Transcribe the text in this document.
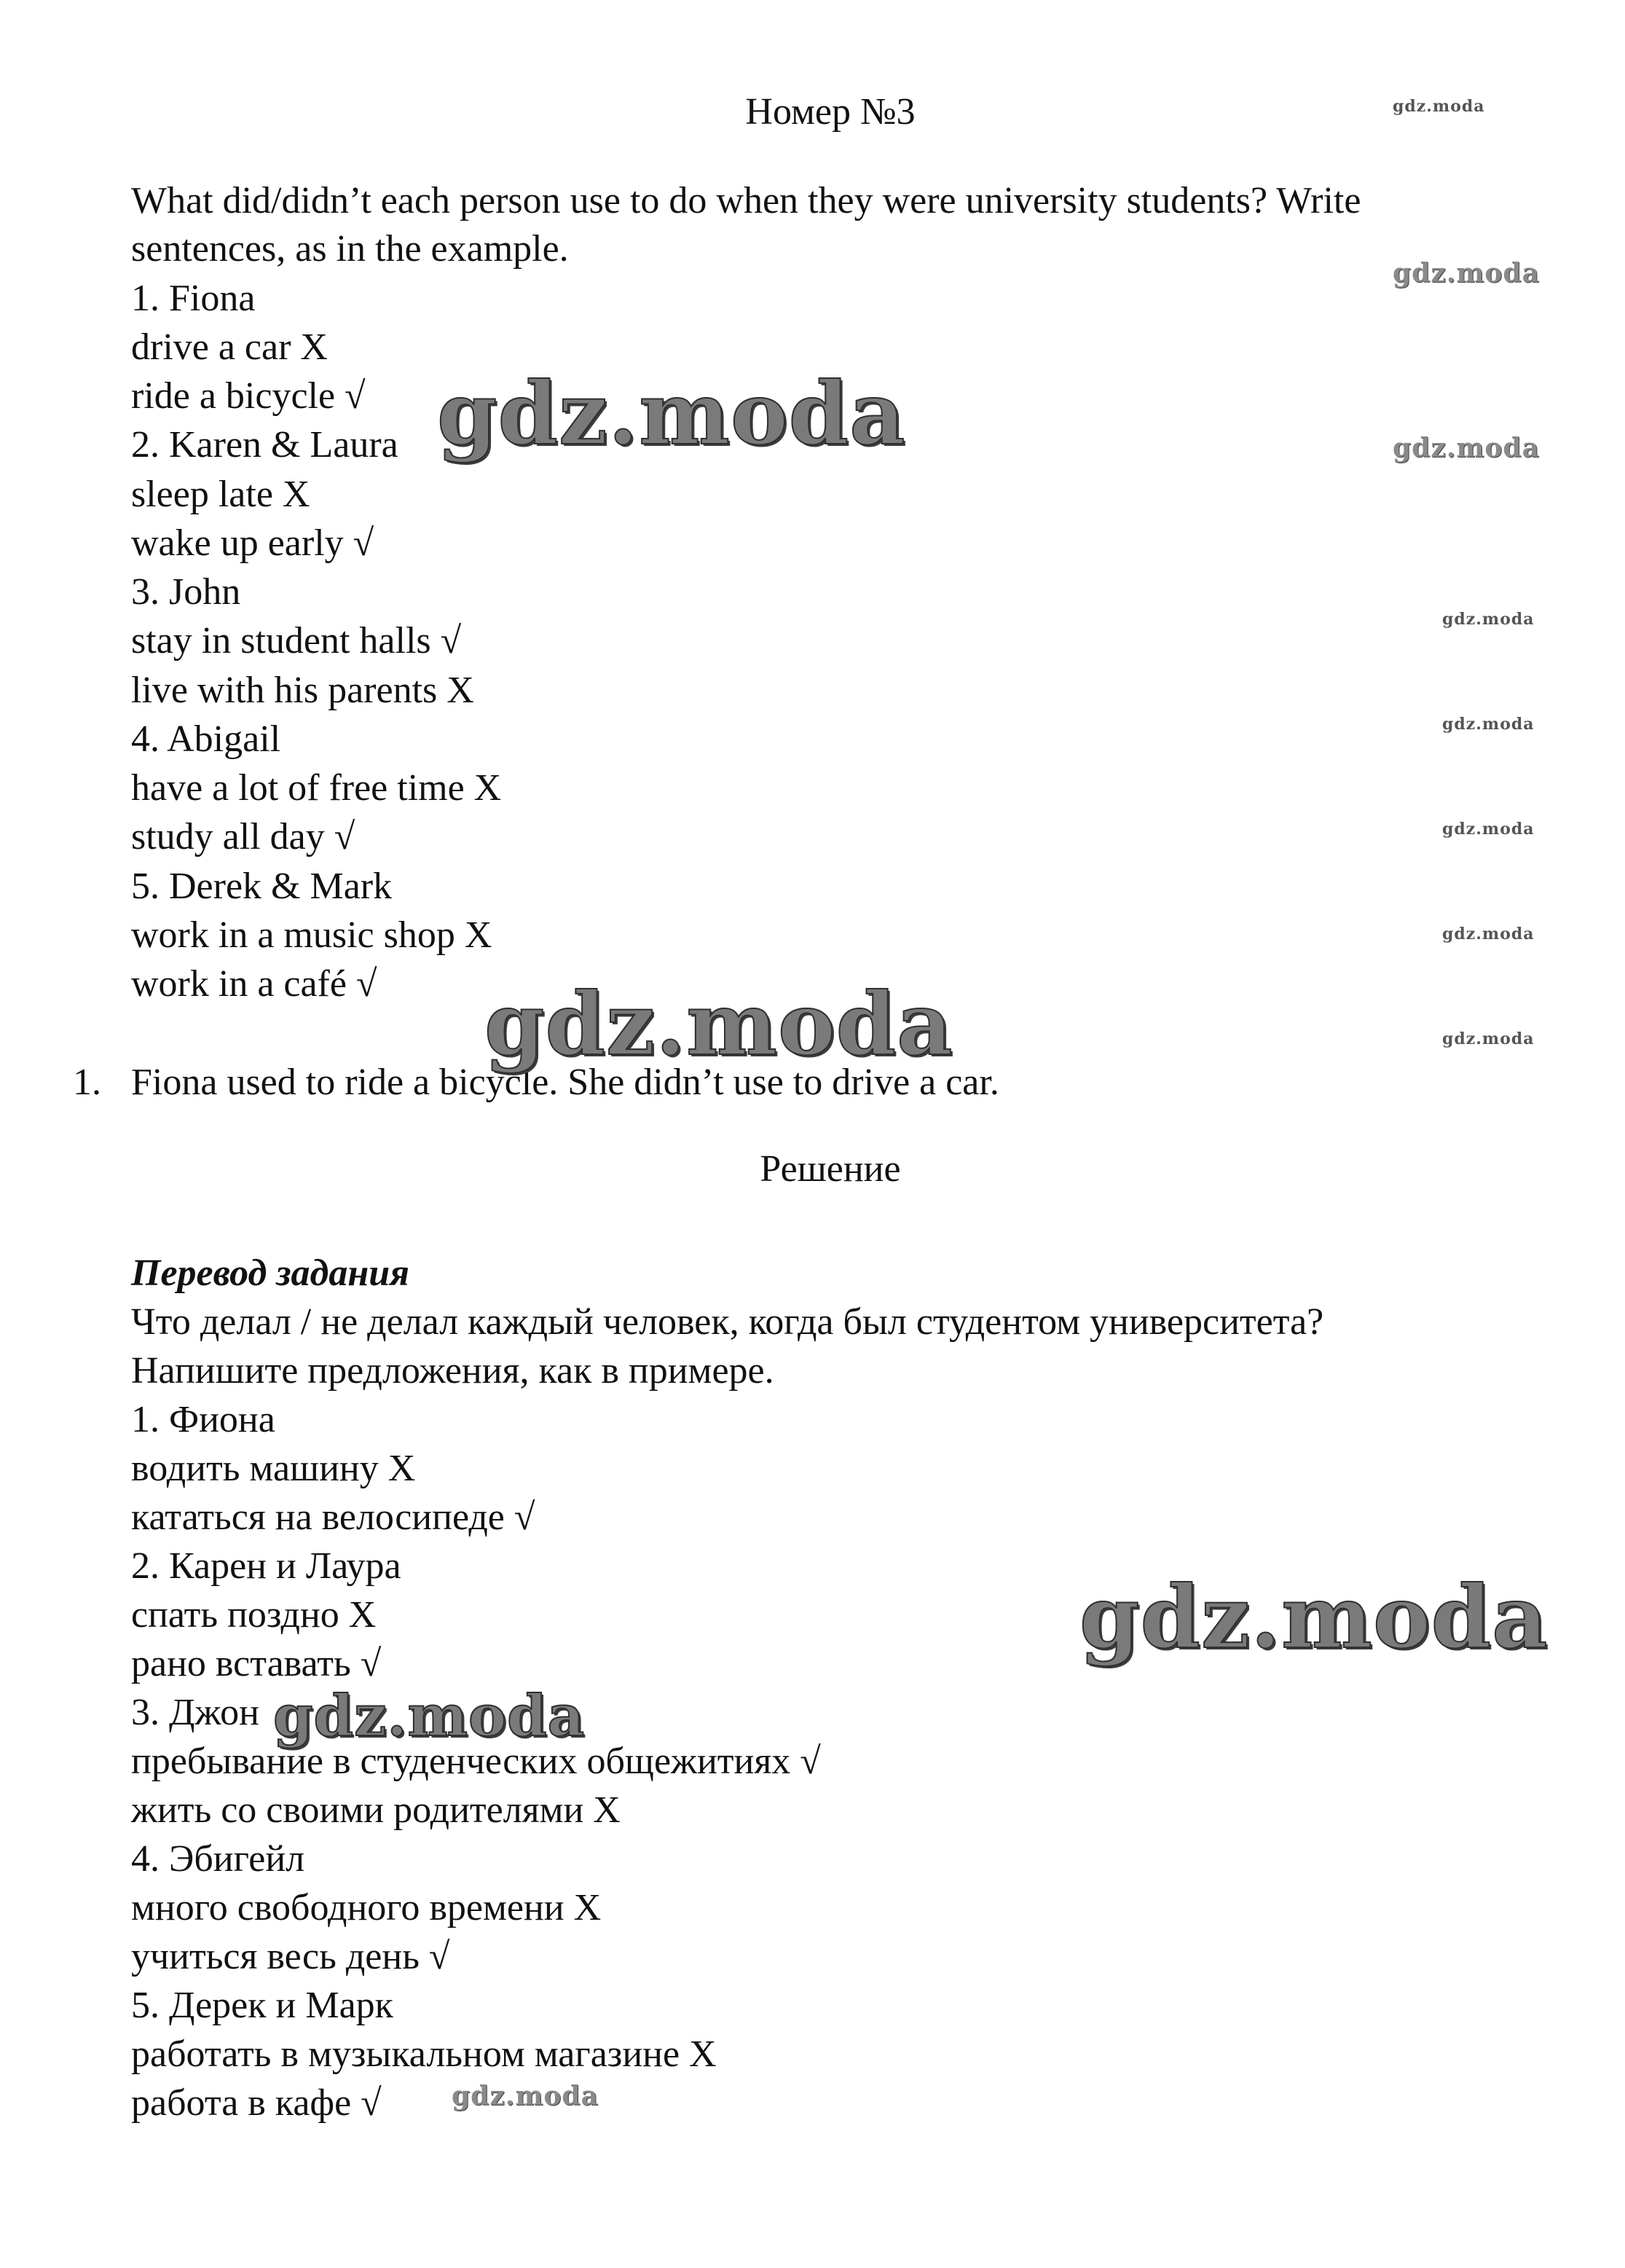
Номер №3
What did/didn’t each person use to do when they were university students? Write
sentences, as in the example.
1. Fiona
drive a car X
ride a bicycle √
2. Karen & Laura
sleep late X
wake up early √
3. John
stay in student halls √
live with his parents X
4. Abigail
have a lot of free time X
study all day √
5. Derek & Mark
work in a music shop X
work in a café √
1. Fiona used to ride a bicycle. She didn’t use to drive a car.
Решение
Перевод задания
Что делал / не делал каждый человек, когда был студентом университета?
Напишите предложения, как в примере.
1. Фиона
водить машину X
кататься на велосипеде √
2. Карен и Лаура
спать поздно X
рано вставать √
3. Джон
пребывание в студенческих общежитиях √
жить со своими родителями X
4. Эбигейл
много свободного времени X
учиться весь день √
5. Дерек и Марк
работать в музыкальном магазине X
работа в кафе √
gdz.moda
gdz.moda
gdz.moda	gdz.moda
gdz.moda
gdz.moda
gdz.moda
gdz.moda
gdz.moda	gdz.moda
gdz.moda
gdz.moda
gdz.moda
